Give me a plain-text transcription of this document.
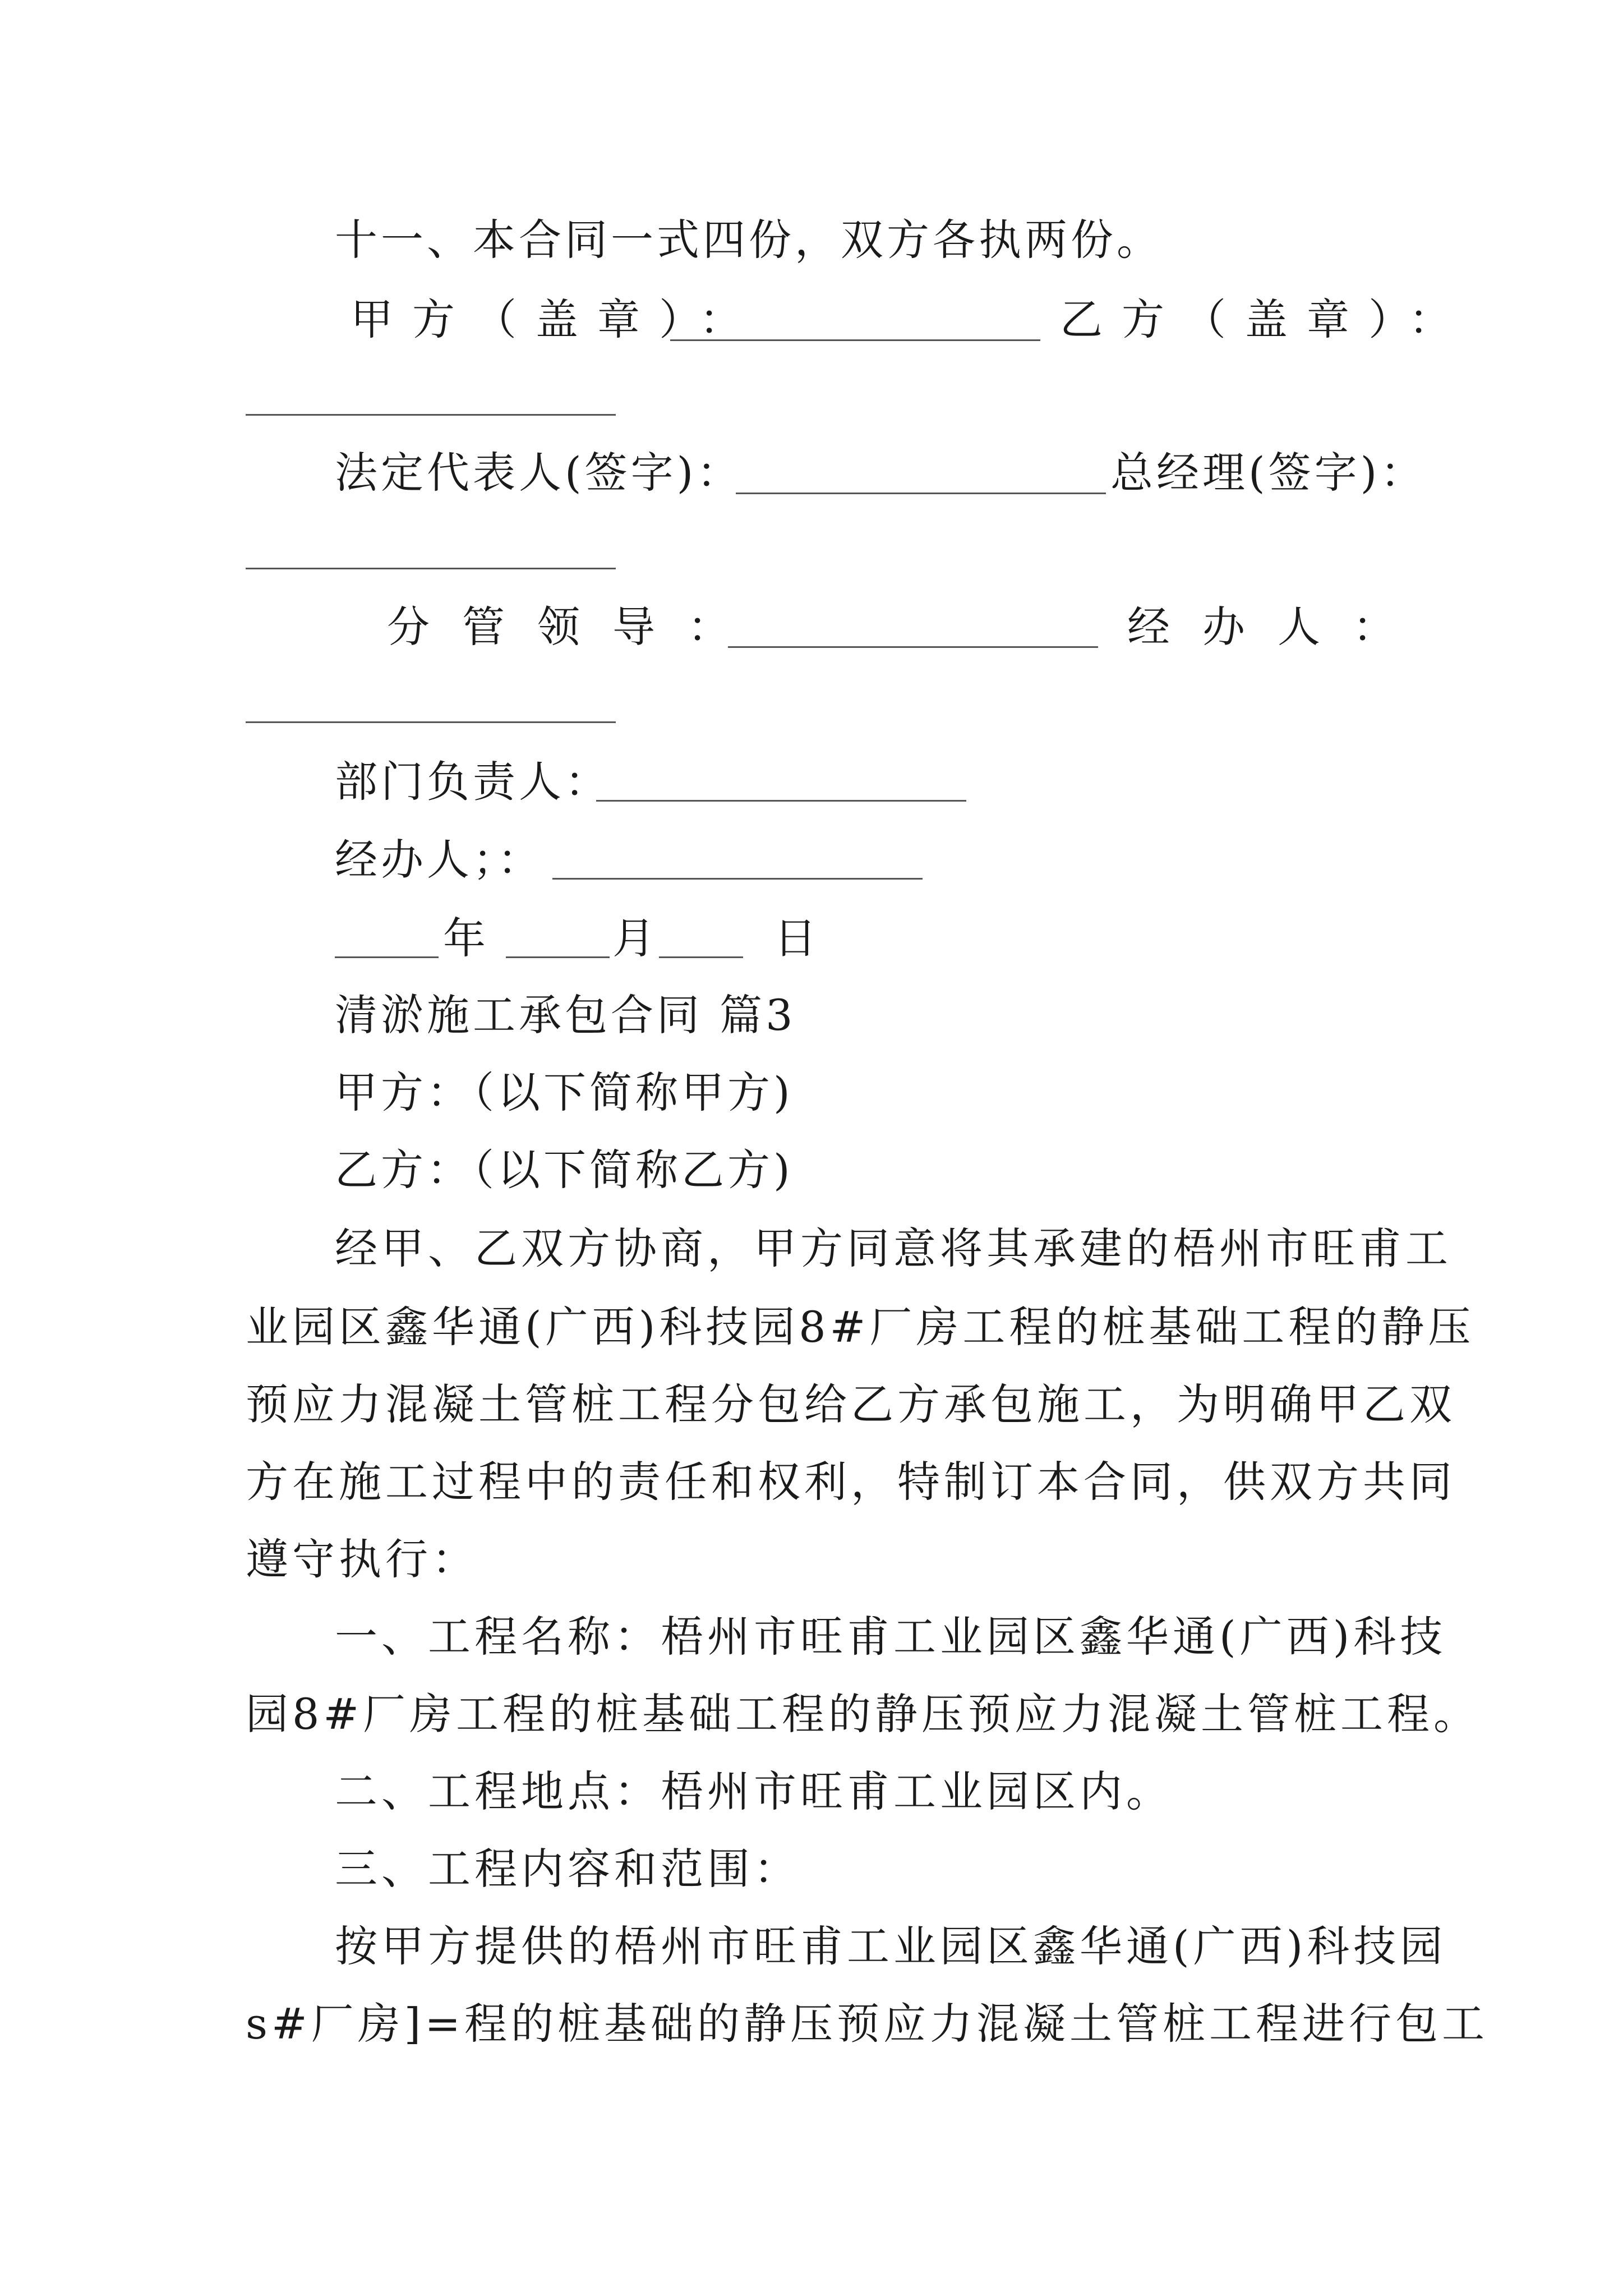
十一、本合同一式四份，双方各执两份。
甲方（盖章）：	乙方（盖章）：
法定代表人(签字)：	总经理(签字)：
分管领导：	经办人：
部门负责人：
经办人；：
年	月	日
清淤施工承包合同 篇3
甲方：（以下简称甲方)
乙方：（以下简称乙方)
经甲、乙双方协商，甲方同意将其承建的梧州市旺甫工
业园区鑫华通(广西)科技园8#厂房工程的桩基础工程的静压
预应力混凝土管桩工程分包给乙方承包施工，为明确甲乙双
方在施工过程中的责任和权利，特制订本合同，供双方共同
遵守执行：
一、工程名称：梧州市旺甫工业园区鑫华通(广西)科技
园8#厂房工程的桩基础工程的静压预应力混凝土管桩工程。
二、工程地点：梧州市旺甫工业园区内。
三、工程内容和范围：
按甲方提供的梧州市旺甫工业园区鑫华通(广西)科技园
s#厂房]=程的桩基础的静压预应力混凝土管桩工程进行包工
